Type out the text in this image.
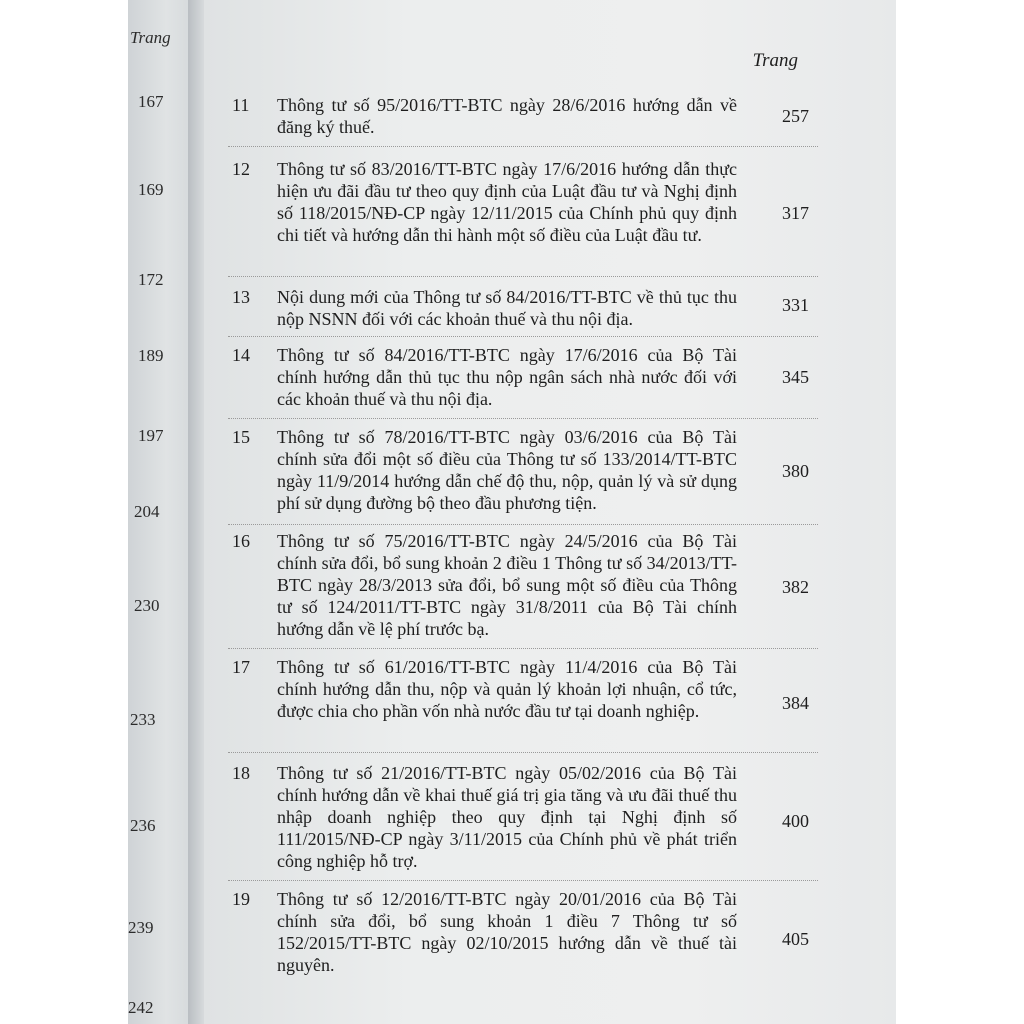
Trang
167
169
172
189
197
204
230
233
236
239
242
Trang
11 Thông tư số 95/2016/TT-BTC ngày 28/6/2016 hướng dẫn về đăng ký thuế.
257
12 Thông tư số 83/2016/TT-BTC ngày 17/6/2016 hướng dẫn thực hiện ưu đãi đầu tư theo quy định của Luật đầu tư và Nghị định số 118/2015/NĐ-CP ngày 12/11/2015 của Chính phủ quy định chi tiết và hướng dẫn thi hành một số điều của Luật đầu tư.
317
13 Nội dung mới của Thông tư số 84/2016/TT-BTC về thủ tục thu nộp NSNN đối với các khoản thuế và thu nội địa.
331
14 Thông tư số 84/2016/TT-BTC ngày 17/6/2016 của Bộ Tài chính hướng dẫn thủ tục thu nộp ngân sách nhà nước đối với các khoản thuế và thu nội địa.
345
15 Thông tư số 78/2016/TT-BTC ngày 03/6/2016 của Bộ Tài chính sửa đổi một số điều của Thông tư số 133/2014/TT-BTC ngày 11/9/2014 hướng dẫn chế độ thu, nộp, quản lý và sử dụng phí sử dụng đường bộ theo đầu phương tiện.
380
16 Thông tư số 75/2016/TT-BTC ngày 24/5/2016 của Bộ Tài chính sửa đổi, bổ sung khoản 2 điều 1 Thông tư số 34/2013/TT-BTC ngày 28/3/2013 sửa đổi, bổ sung một số điều của Thông tư số 124/2011/TT-BTC ngày 31/8/2011 của Bộ Tài chính hướng dẫn về lệ phí trước bạ.
382
17 Thông tư số 61/2016/TT-BTC ngày 11/4/2016 của Bộ Tài chính hướng dẫn thu, nộp và quản lý khoản lợi nhuận, cổ tức, được chia cho phần vốn nhà nước đầu tư tại doanh nghiệp.	384
18 Thông tư số 21/2016/TT-BTC ngày 05/02/2016 của Bộ Tài chính hướng dẫn về khai thuế giá trị gia tăng và ưu đãi thuế thu nhập doanh nghiệp theo quy định tại Nghị định số 111/2015/NĐ-CP ngày 3/11/2015 của Chính phủ về phát triển công nghiệp hỗ trợ.
400
19 Thông tư số 12/2016/TT-BTC ngày 20/01/2016 của Bộ Tài chính sửa đổi, bổ sung khoản 1 điều 7 Thông tư số 152/2015/TT-BTC ngày 02/10/2015 hướng dẫn về thuế tài nguyên.
405
